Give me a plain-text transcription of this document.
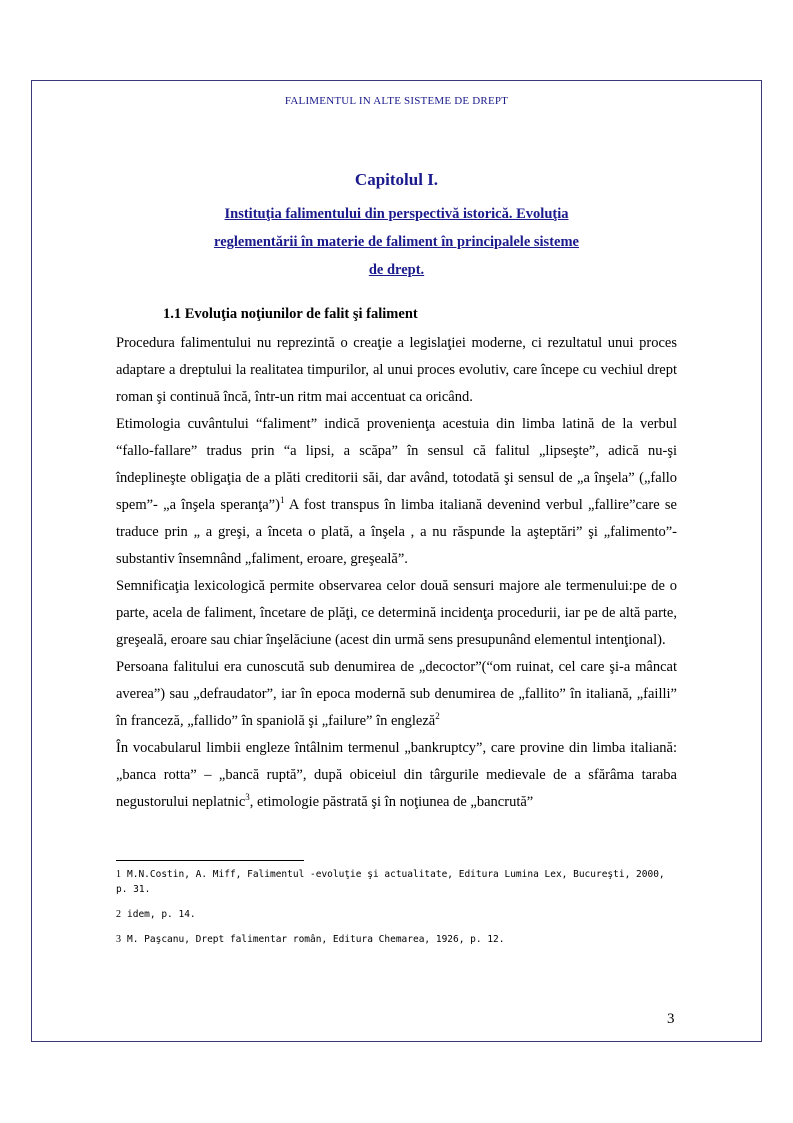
FALIMENTUL IN ALTE SISTEME DE DREPT
Capitolul I.
Instituţia falimentului din perspectivă istorică. Evoluţia
reglementării în materie de faliment în principalele sisteme
de drept.
1.1 Evoluţia noţiunilor de falit şi faliment

Procedura falimentului nu reprezintă o creaţie a legislaţiei moderne, ci rezultatul unui proces adaptare a dreptului la realitatea timpurilor, al unui proces evolutiv, care începe cu vechiul drept roman şi continuă încă, într-un ritm mai accentuat ca oricând.

Etimologia cuvântului “faliment” indică provenienţa acestuia din limba latină de la verbul “fallo-fallare” tradus prin “a lipsi, a scăpa” în sensul că falitul „lipseşte”, adică nu-şi îndeplineşte obligaţia de a plăti creditorii săi, dar având, totodată şi sensul de „a înşela” („fallo spem”- „a înşela speranţa”)$^1$ A fost transpus în limba italiană devenind verbul „fallire”care se traduce prin „ a greşi, a înceta o plată, a înşela , a nu răspunde la aşteptări” şi „falimento”- substantiv însemnând „faliment, eroare, greşeală”.

Semnificaţia lexicologică permite observarea celor două sensuri majore ale termenului:pe de o parte, acela de faliment, încetare de plăţi, ce determină incidenţa procedurii, iar pe de altă parte, greşeală, eroare sau chiar înşelăciune (acest din urmă sens presupunând elementul intenţional).

Persoana falitului era cunoscută sub denumirea de „decoctor”(“om ruinat, cel care şi-a mâncat averea”) sau „defraudator”, iar în epoca modernă sub denumirea de „fallito” în italiană, „failli” în franceză, „fallido” în spaniolă şi „failure” în engleză$^2$

În vocabularul limbii engleze întâlnim termenul „bankruptcy”, care provine din limba italiană: „banca rotta” – „bancă ruptă”, după obiceiul din târgurile medievale de a sfărâma taraba negustorului neplatnic$^3$, etimologie păstrată şi în noţiunea de „bancrută”

1 M.N.Costin, A. Miff, Falimentul -evoluţie şi actualitate, Editura Lumina Lex, Bucureşti, 2000, p. 31.
2 idem, p. 14.
3 M. Paşcanu, Drept falimentar român, Editura Chemarea, 1926, p. 12.
3
